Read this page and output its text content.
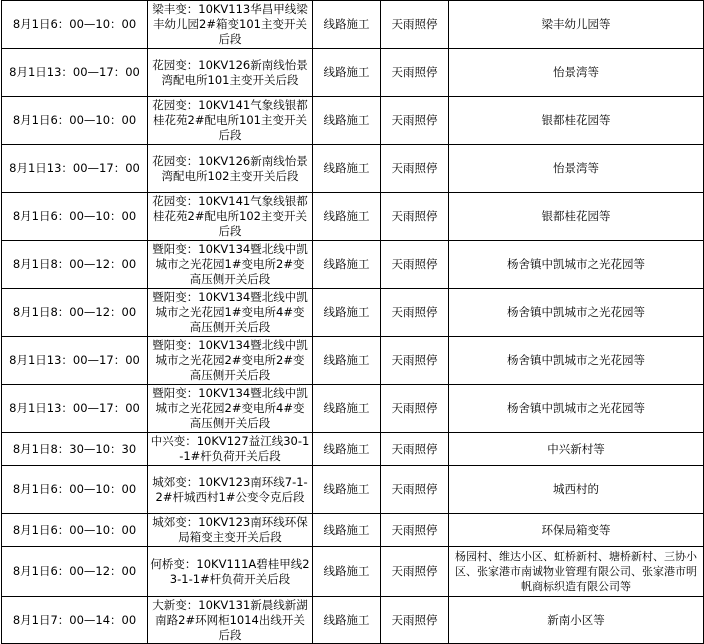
8月1日6：00—10：00	梁丰变：10KV113华昌甲线梁丰幼儿园2#箱变101主变开关后段	线路施工	天雨照停	梁丰幼儿园等
8月1日13：00—17：00	花园变：10KV126新南线怡景湾配电所101主变开关后段	线路施工	天雨照停	怡景湾等
8月1日6：00—10：00	花园变：10KV141气象线银都桂花苑2#配电所101主变开关后段	线路施工	天雨照停	银都桂花园等
8月1日13：00—17：00	花园变：10KV126新南线怡景湾配电所102主变开关后段	线路施工	天雨照停	怡景湾等
8月1日6：00—10：00	花园变：10KV141气象线银都桂花苑2#配电所102主变开关后段	线路施工	天雨照停	银都桂花园等
8月1日8：00—12：00	暨阳变：10KV134暨北线中凯城市之光花园1#变电所2#变高压侧开关后段	线路施工	天雨照停	杨舍镇中凯城市之光花园等
8月1日8：00—12：00	暨阳变：10KV134暨北线中凯城市之光花园1#变电所4#变高压侧开关后段	线路施工	天雨照停	杨舍镇中凯城市之光花园等
8月1日13：00—17：00	暨阳变：10KV134暨北线中凯城市之光花园2#变电所2#变高压侧开关后段	线路施工	天雨照停	杨舍镇中凯城市之光花园等
8月1日13：00—17：00	暨阳变：10KV134暨北线中凯城市之光花园2#变电所4#变高压侧开关后段	线路施工	天雨照停	杨舍镇中凯城市之光花园等
8月1日8：30—10：30	中兴变：10KV127益江线30-1-1#杆负荷开关后段	线路施工	天雨照停	中兴新村等
8月1日6：00—10：00	城郊变：10KV123南环线7-1-2#杆城西村1#公变令克后段	线路施工	天雨照停	城西村的
8月1日6：00—10：00	城郊变：10KV123南环线环保局箱变主变开关后段	线路施工	天雨照停	环保局箱变等
8月1日6：00—12：00	何桥变：10KV111A碧桂甲线23-1-1#杆负荷开关后段	线路施工	天雨照停	杨园村、维达小区、虹桥新村、塘桥新村、三协小区、张家港市南诚物业管理有限公司、张家港市明帆商标织造有限公司等
8月1日7：00—14：00	大新变：10KV131新晨线新湖南路2#环网柜1014出线开关后段	线路施工	天雨照停	新南小区等
